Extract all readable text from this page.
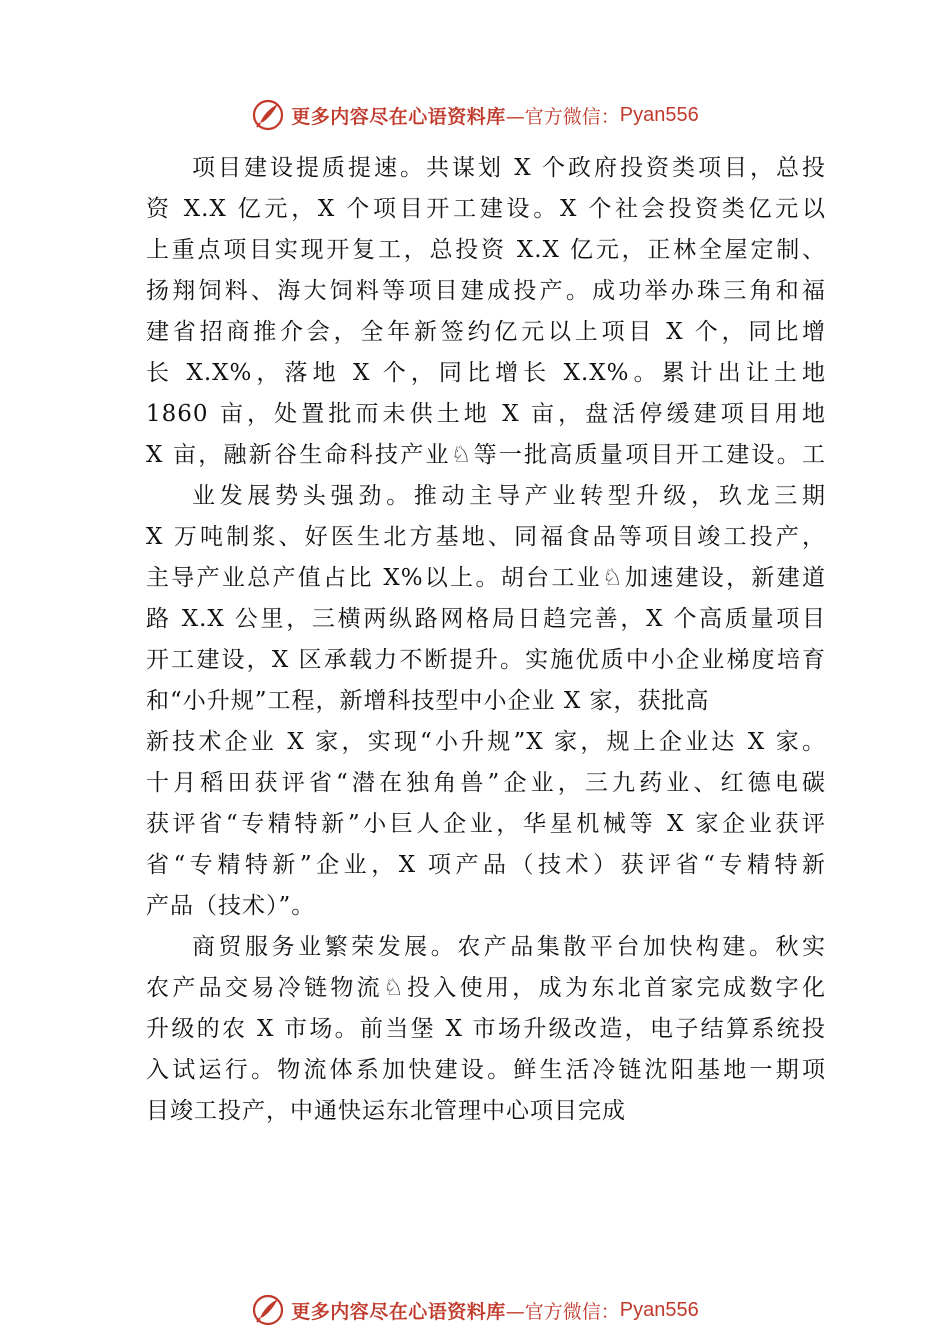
更多内容尽在心语资料库 —官方微信： Pyan556
项目建设提质提速。共谋划 X 个政府投资类项目，总投
资 X.X 亿元，X 个项目开工建设。X 个社会投资类亿元以
上重点项目实现开复工，总投资 X.X 亿元，正林全屋定制、
扬翔饲料、海大饲料等项目建成投产。成功举办珠三角和福
建省招商推介会，全年新签约亿元以上项目 X 个，同比增
长 X.X%，落地 X 个，同比增长 X.X%。累计出让土地
1860 亩，处置批而未供土地 X 亩，盘活停缓建项目用地
X 亩，融新谷生命科技产业♘等一批高质量项目开工建设。工
业发展势头强劲。推动主导产业转型升级，玖龙三期
X 万吨制浆、好医生北方基地、同福食品等项目竣工投产，
主导产业总产值占比 X%以上。胡台工业♘加速建设，新建道
路 X.X 公里，三横两纵路网格局日趋完善，X 个高质量项目
开工建设，X 区承载力不断提升。实施优质中小企业梯度培育
和“小升规”工程，新增科技型中小企业 X 家，获批高
新技术企业 X 家，实现“小升规”X 家，规上企业达 X 家。
十月稻田获评省“潜在独角兽”企业，三九药业、红德电碳
获评省“专精特新”小巨人企业，华星机械等 X 家企业获评
省“专精特新”企业，X 项产品（技术）获评省“专精特新
产品（技术）”。
商贸服务业繁荣发展。农产品集散平台加快构建。秋实
农产品交易冷链物流♘投入使用，成为东北首家完成数字化
升级的农 X 市场。前当堡 X 市场升级改造，电子结算系统投
入试运行。物流体系加快建设。鲜生活冷链沈阳基地一期项
目竣工投产，中通快运东北管理中心项目完成
更多内容尽在心语资料库 —官方微信： Pyan556
